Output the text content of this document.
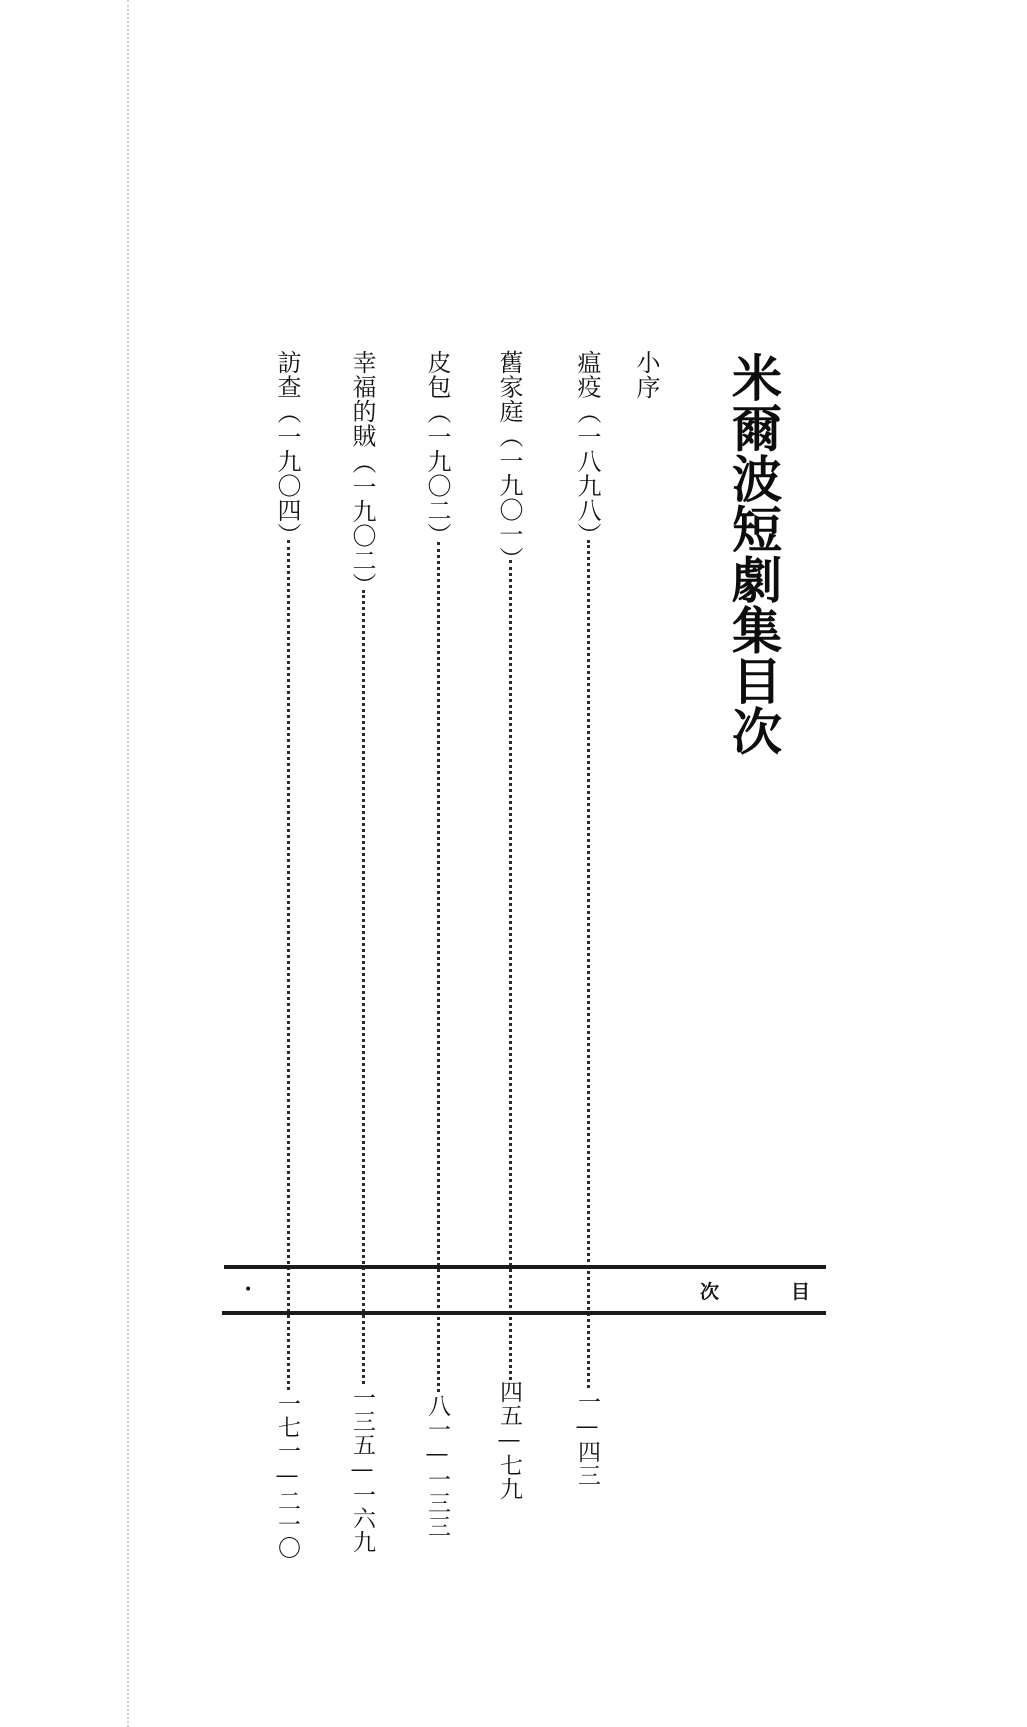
米爾波短劇集目次
小序
瘟疫
（一八九八）
一—四三
舊家庭
（一九〇一）
四五—七九
皮包
（一九〇二）
八一—一三三
幸福的賊
（一九〇二）
一三五—一六九
訪查
（一九〇四）
一七一—二一〇
次	目
•
